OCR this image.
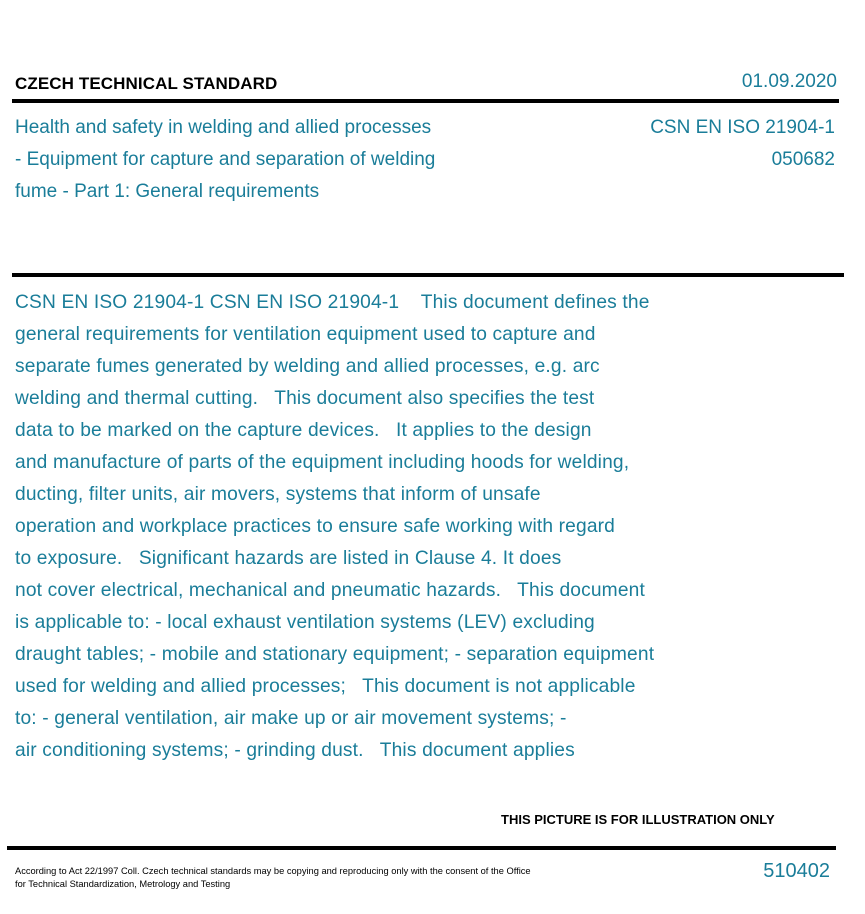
CZECH TECHNICAL STANDARD	01.09.2020
Health and safety in welding and allied processes
- Equipment for capture and separation of welding
fume - Part 1: General requirements
CSN EN ISO 21904-1
050682
CSN EN ISO 21904-1 CSN EN ISO 21904-1    This document defines the
general requirements for ventilation equipment used to capture and
separate fumes generated by welding and allied processes, e.g. arc
welding and thermal cutting.   This document also specifies the test
data to be marked on the capture devices.   It applies to the design
and manufacture of parts of the equipment including hoods for welding,
ducting, filter units, air movers, systems that inform of unsafe
operation and workplace practices to ensure safe working with regard
to exposure.   Significant hazards are listed in Clause 4. It does
not cover electrical, mechanical and pneumatic hazards.   This document
is applicable to: - local exhaust ventilation systems (LEV) excluding
draught tables; - mobile and stationary equipment; - separation equipment
used for welding and allied processes;   This document is not applicable
to: - general ventilation, air make up or air movement systems; -
air conditioning systems; - grinding dust.   This document applies
THIS PICTURE IS FOR ILLUSTRATION ONLY
According to Act 22/1997 Coll. Czech technical standards may be copying and reproducing only with the consent of the Office
for Technical Standardization, Metrology and Testing
510402
